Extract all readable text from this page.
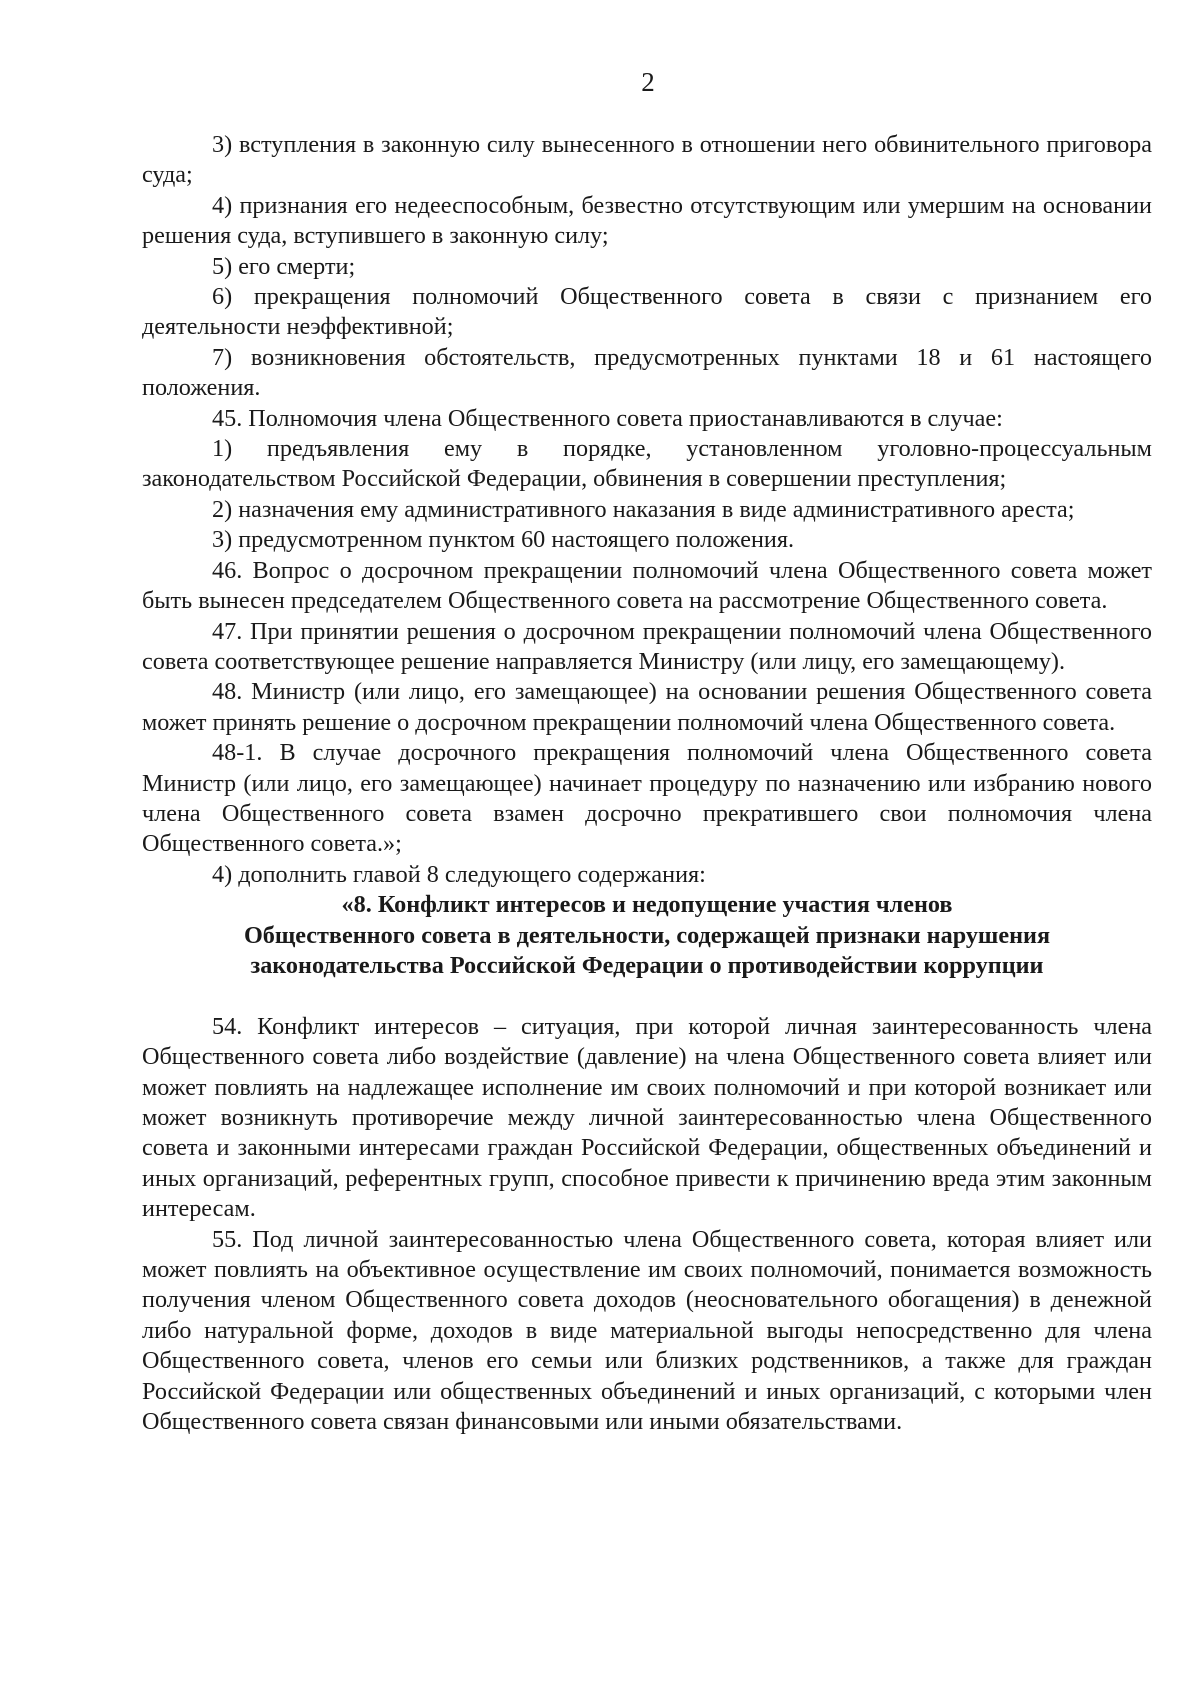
2

3) вступления в законную силу вынесенного в отношении него обвинительного приговора суда;

4) признания его недееспособным, безвестно отсутствующим или умершим на основании решения суда, вступившего в законную силу;

5) его смерти;

6) прекращения полномочий Общественного совета в связи с признанием его деятельности неэффективной;

7) возникновения обстоятельств, предусмотренных пунктами 18 и 61 настоящего положения.

45. Полномочия члена Общественного совета приостанавливаются в случае:

1) предъявления ему в порядке, установленном уголовно-процессуальным законодательством Российской Федерации, обвинения в совершении преступления;

2) назначения ему административного наказания в виде административного ареста;

3) предусмотренном пунктом 60 настоящего положения.

46. Вопрос о досрочном прекращении полномочий члена Общественного совета может быть вынесен председателем Общественного совета на рассмотрение Общественного совета.

47. При принятии решения о досрочном прекращении полномочий члена Общественного совета соответствующее решение направляется Министру (или лицу, его замещающему).

48. Министр (или лицо, его замещающее) на основании решения Общественного совета может принять решение о досрочном прекращении полномочий члена Общественного совета.

48-1. В случае досрочного прекращения полномочий члена Общественного совета Министр (или лицо, его замещающее) начинает процедуру по назначению или избранию нового члена Общественного совета взамен досрочно прекратившего свои полномочия члена Общественного совета.»;

4) дополнить главой 8 следующего содержания:

«8. Конфликт интересов и недопущение участия членов
Общественного совета в деятельности, содержащей признаки нарушения
законодательства Российской Федерации о противодействии коррупции

54. Конфликт интересов – ситуация, при которой личная заинтересованность члена Общественного совета либо воздействие (давление) на члена Общественного совета влияет или может повлиять на надлежащее исполнение им своих полномочий и при которой возникает или может возникнуть противоречие между личной заинтересованностью члена Общественного совета и законными интересами граждан Российской Федерации, общественных объединений и иных организаций, референтных групп, способное привести к причинению вреда этим законным интересам.

55. Под личной заинтересованностью члена Общественного совета, которая влияет или может повлиять на объективное осуществление им своих полномочий, понимается возможность получения членом Общественного совета доходов (неосновательного обогащения) в денежной либо натуральной форме, доходов в виде материальной выгоды непосредственно для члена Общественного совета, членов его семьи или близких родственников, а также для граждан Российской Федерации или общественных объединений и иных организаций, с которыми член Общественного совета связан финансовыми или иными обязательствами.
